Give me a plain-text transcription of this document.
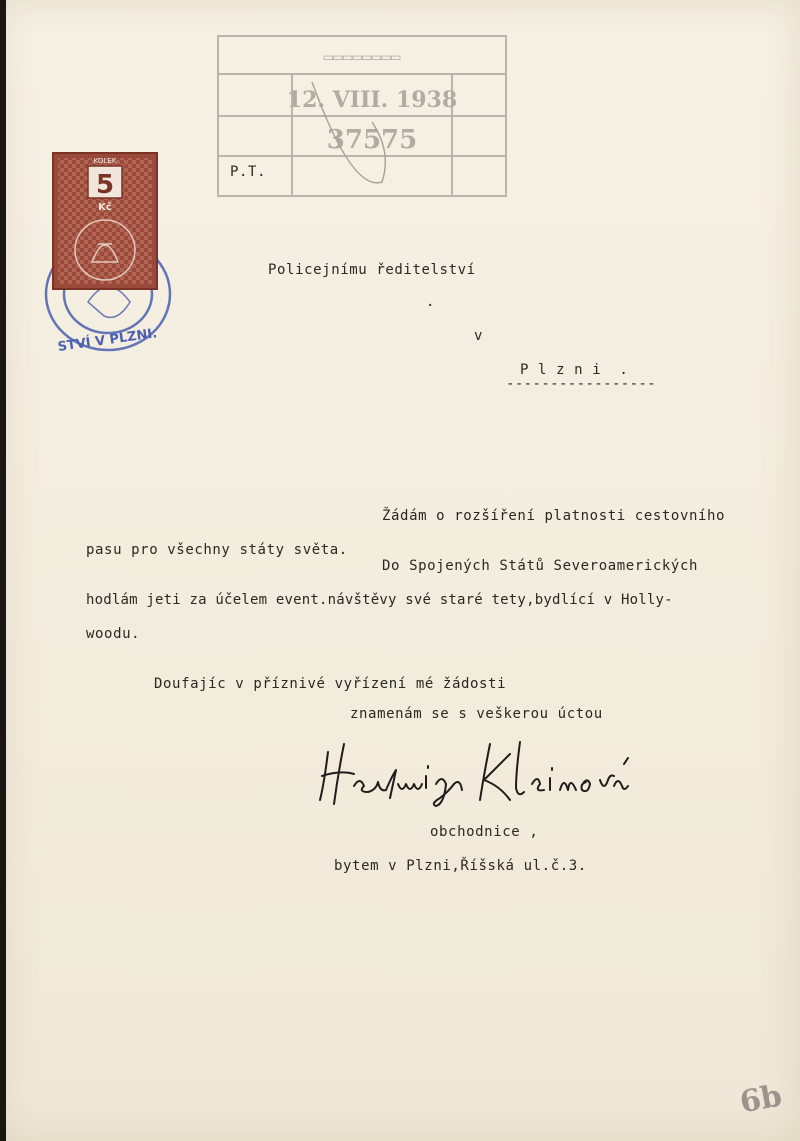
▭▭▭▭▭▭▭▭
12. VIII. 1938
37575
STVÍ V PLZNI.
KOLEK
5
Kč
P.T.
Policejnímu ředitelství
.
v
P l z n i  .
-----------------
Žádám o rozšíření platnosti cestovního
pasu pro všechny státy světa.
Do Spojených Států Severoamerických
hodlám jeti za účelem event.návštěvy své staré tety,bydlící v Holly-
woodu.
Doufajíc v příznivé vyřízení mé žádosti
znamenám se s veškerou úctou
obchodnice ,
bytem v Plzni,Říšská ul.č.3.
6b
